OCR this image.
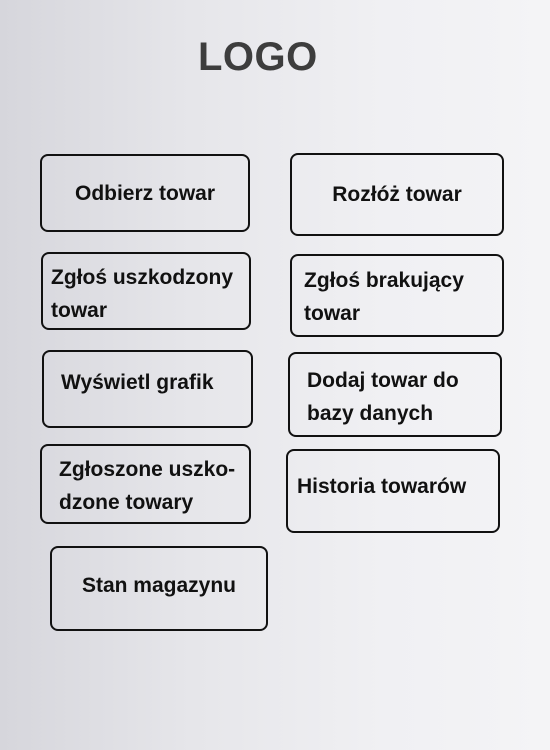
LOGO
Odbierz towar	Rozłóż towar
Zgłoś uszkodzony towar
Zgłoś brakujący towar
Wyświetl grafik	Dodaj towar do bazy danych
Zgłoszone uszko-dzone towary
Historia towarów
Stan magazynu
